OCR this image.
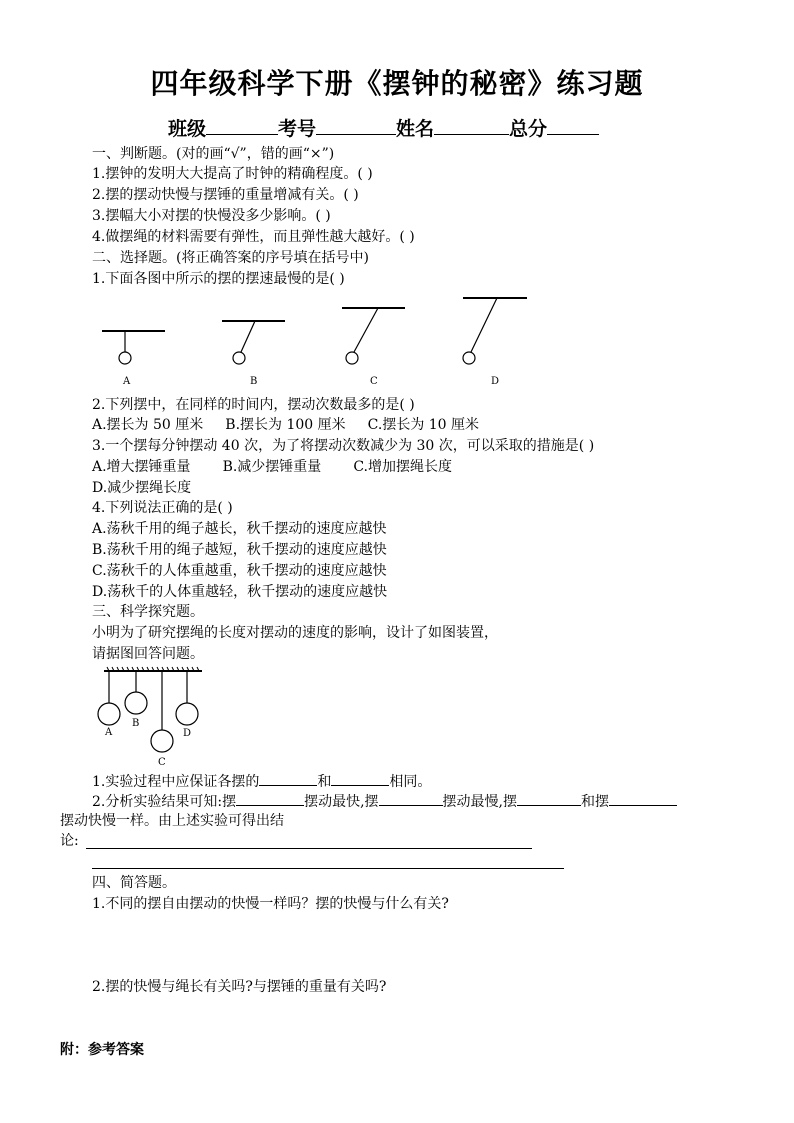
四年级科学下册《摆钟的秘密》练习题
班级	考号	姓名	总分
一、判断题。(对的画“√”，错的画“×”)
1.摆钟的发明大大提高了时钟的精确程度。( )
2.摆的摆动快慢与摆锤的重量增减有关。( )
3.摆幅大小对摆的快慢没多少影响。( )
4.做摆绳的材料需要有弹性，而且弹性越大越好。( )
二、选择题。(将正确答案的序号填在括号中)
1.下面各图中所示的摆的摆速最慢的是( )
A	B	C	D
2.下列摆中，在同样的时间内，摆动次数最多的是( )
A.摆长为 50 厘米 B.摆长为 100 厘米 C.摆长为 10 厘米
3.一个摆每分钟摆动 40 次，为了将摆动次数减少为 30 次，可以采取的措施是( )
A.增大摆锤重量 B.减少摆锤重量 C.增加摆绳长度
D.减少摆绳长度
4.下列说法正确的是( )
A.荡秋千用的绳子越长，秋千摆动的速度应越快
B.荡秋千用的绳子越短，秋千摆动的速度应越快
C.荡秋千的人体重越重，秋千摆动的速度应越快
D.荡秋千的人体重越轻，秋千摆动的速度应越快
三、科学探究题。
小明为了研究摆绳的长度对摆动的速度的影响，设计了如图装置，
请据图回答问题。
A
B
C
D
1.实验过程中应保证各摆的	和	相同。
2.分析实验结果可知:摆	摆动最快,摆	摆动最慢,摆	和摆
摆动快慢一样。由上述实验可得出结
论:
四、简答题。
1.不同的摆自由摆动的快慢一样吗？摆的快慢与什么有关?
2.摆的快慢与绳长有关吗?与摆锤的重量有关吗?
附：参考答案
